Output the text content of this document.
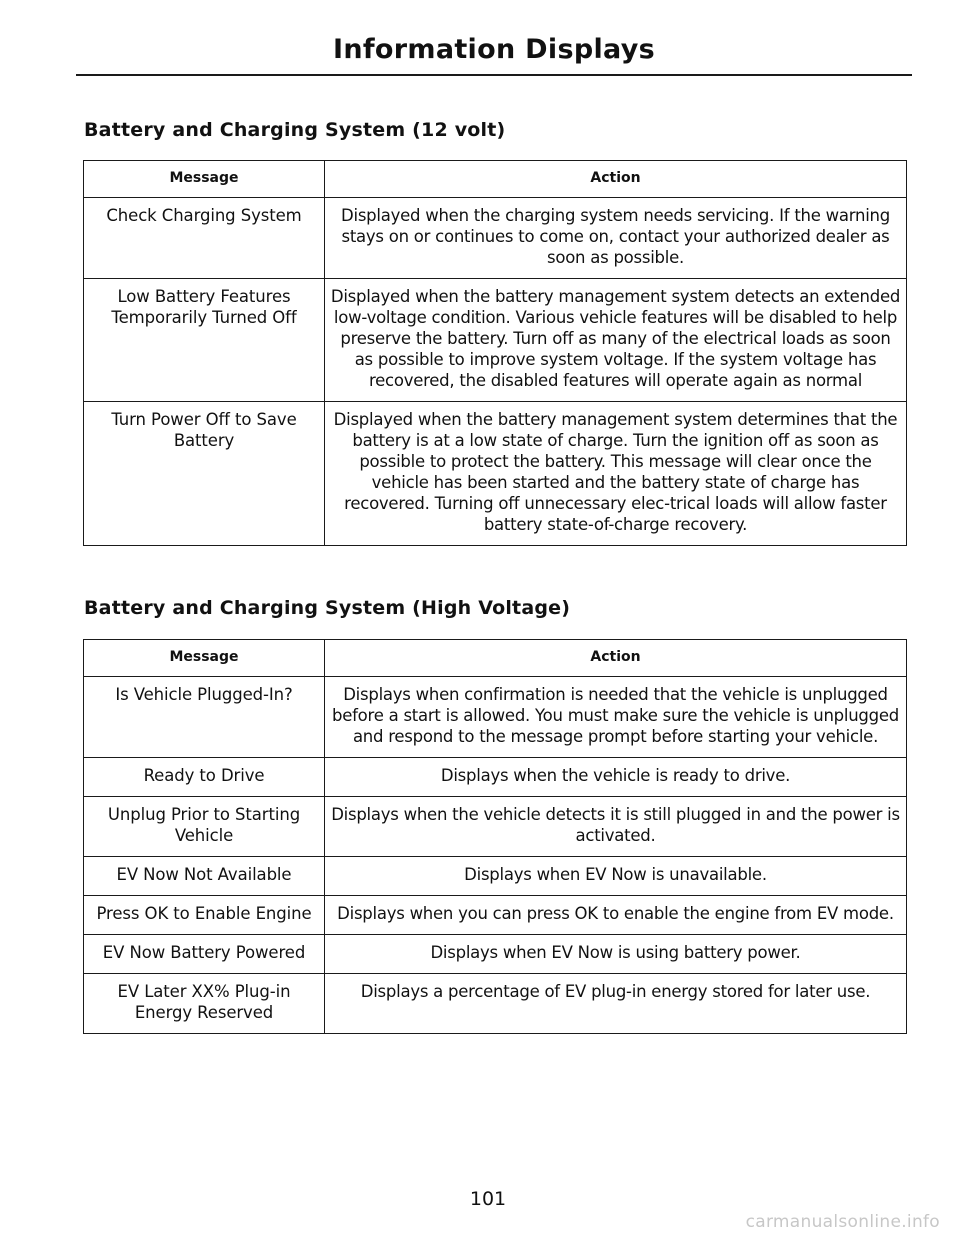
Information Displays
Battery and Charging System (12 volt)
Message	Action
Check Charging System	Displayed when the charging system needs servicing. If the warning stays on or continues to come on, contact your authorized dealer as soon as possible.
Low Battery Features Temporarily Turned Off	Displayed when the battery management system detects an extended low-voltage condition. Various vehicle features will be disabled to help preserve the battery. Turn off as many of the electrical loads as soon as possible to improve system voltage. If the system voltage has recovered, the disabled features will operate again as normal
Turn Power Off to Save Battery	Displayed when the battery management system determines that the battery is at a low state of charge. Turn the ignition off as soon as possible to protect the battery. This message will clear once the vehicle has been started and the battery state of charge has recovered. Turning off unnecessary elec-trical loads will allow faster battery state-of-charge recovery.
Battery and Charging System (High Voltage)
Message	Action
Is Vehicle Plugged-In?	Displays when confirmation is needed that the vehicle is unplugged before a start is allowed. You must make sure the vehicle is unplugged and respond to the message prompt before starting your vehicle.
Ready to Drive	Displays when the vehicle is ready to drive.
Unplug Prior to Starting Vehicle	Displays when the vehicle detects it is still plugged in and the power is activated.
EV Now Not Available	Displays when EV Now is unavailable.
Press OK to Enable Engine	Displays when you can press OK to enable the engine from EV mode.
EV Now Battery Powered	Displays when EV Now is using battery power.
EV Later XX% Plug-in Energy Reserved	Displays a percentage of EV plug-in energy stored for later use.
101
carmanualsonline.info
